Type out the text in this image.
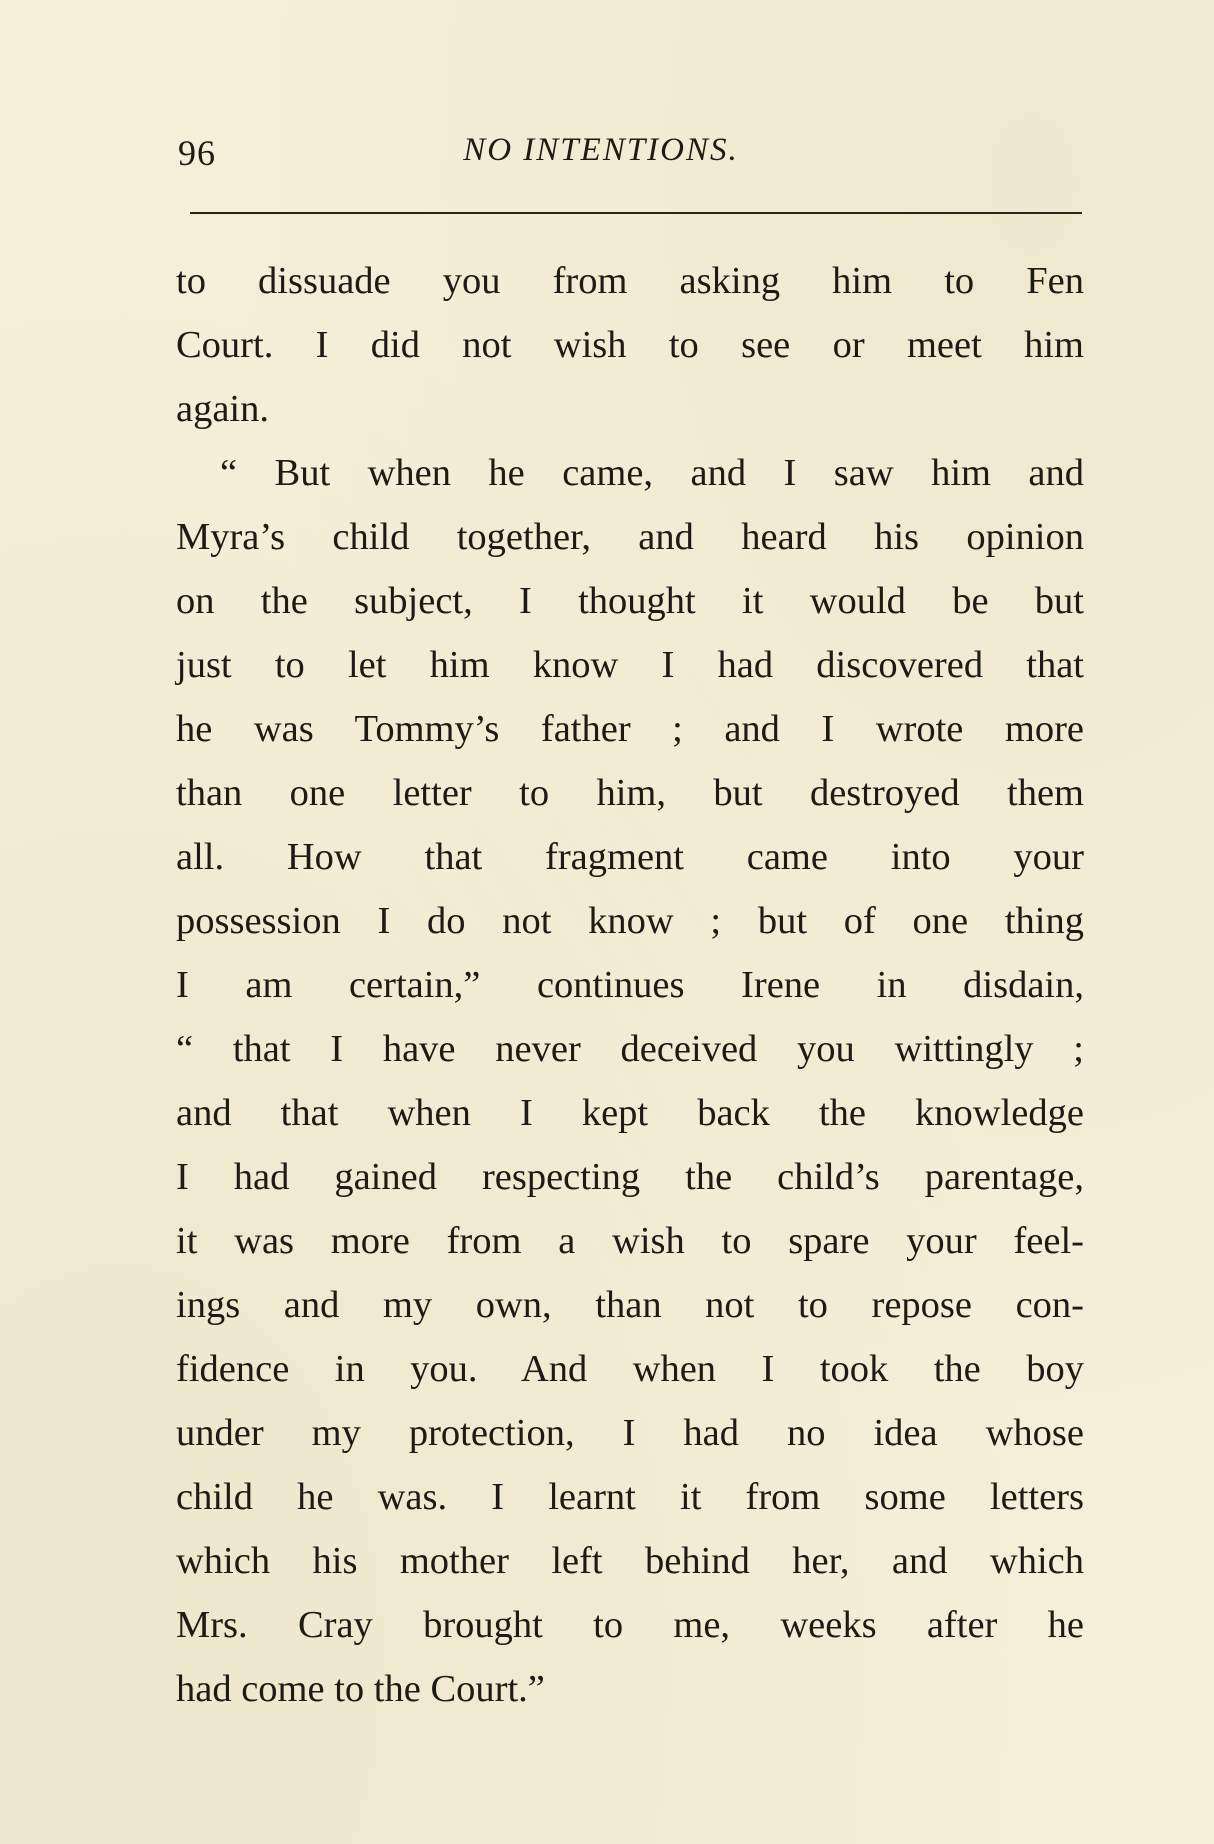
96	NO INTENTIONS.
to dissuade you from asking him to Fen
Court. I did not wish to see or meet him
again.
“ But when he came, and I saw him and
Myra’s child together, and heard his opinion
on the subject, I thought it would be but
just to let him know I had discovered that
he was Tommy’s father ; and I wrote more
than one letter to him, but destroyed them
all. How that fragment came into your
possession I do not know ; but of one thing
I am certain,” continues Irene in disdain,
“ that I have never deceived you wittingly ;
and that when I kept back the knowledge
I had gained respecting the child’s parentage,
it was more from a wish to spare your feel-
ings and my own, than not to repose con-
fidence in you. And when I took the boy
under my protection, I had no idea whose
child he was. I learnt it from some letters
which his mother left behind her, and which
Mrs. Cray brought to me, weeks after he
had come to the Court.”
